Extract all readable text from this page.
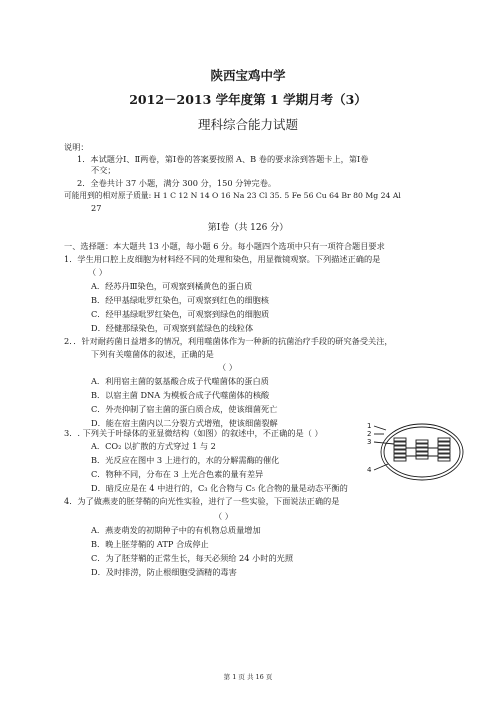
陕西宝鸡中学
2012－2013 学年度第 1 学期月考（3）
理科综合能力试题
说明：
1．本试题分Ⅰ、Ⅱ两卷，第Ⅰ卷的答案要按照 A、B 卷的要求涂到答题卡上，第Ⅰ卷
不交；
2．全卷共计 37 小题，满分 300 分，150 分钟完卷。
可能用到的相对原子质量: H 1 C 12 N 14 O 16 Na 23 Cl 35. 5 Fe 56 Cu 64 Br 80 Mg 24 Al
27
第Ⅰ卷（共 126 分）
一、选择题：本大题共 13 小题，每小题 6 分。每小题四个选项中只有一项符合题目要求
1．学生用口腔上皮细胞为材料经不同的处理和染色，用显微镜观察。下列描述正确的是
（ ）
A．经苏丹Ⅲ染色，可观察到橘黄色的蛋白质
B．经甲基绿吡罗红染色，可观察到红色的细胞核
C．经甲基绿吡罗红染色，可观察到绿色的细胞质
D．经健那绿染色，可观察到蓝绿色的线粒体
2．．针对耐药菌日益增多的情况，利用噬菌体作为一种新的抗菌治疗手段的研究备受关注，
下列有关噬菌体的叙述，正确的是
（ ）
A．利用宿主菌的氨基酸合成子代噬菌体的蛋白质
B．以宿主菌 DNA 为模板合成子代噬菌体的核酸
C．外壳抑制了宿主菌的蛋白质合成，使该细菌死亡
D．能在宿主菌内以二分裂方式增殖，使该细菌裂解
3．. 下列关于叶绿体的亚显微结构（如图）的叙述中，不正确的是（ ）
A．CO₂ 以扩散的方式穿过 1 与 2
B．光反应在图中 3 上进行的，水的分解需酶的催化
C．物种不同，分布在 3 上光合色素的量有差异
D．暗反应是在 4 中进行的，C₃ 化合物与 C₅ 化合物的量是动态平衡的
1
2
3
4
4．为了做燕麦的胚芽鞘的向光性实验，进行了一些实验，下面说法正确的是
（ ）
A．燕麦萌发的初期种子中的有机物总质量增加
B．晚上胚芽鞘的 ATP 合成停止
C．为了胚芽鞘的正常生长，每天必须给 24 小时的光照
D．及时排涝，防止根细胞受酒精的毒害
第 1 页 共 16 页
